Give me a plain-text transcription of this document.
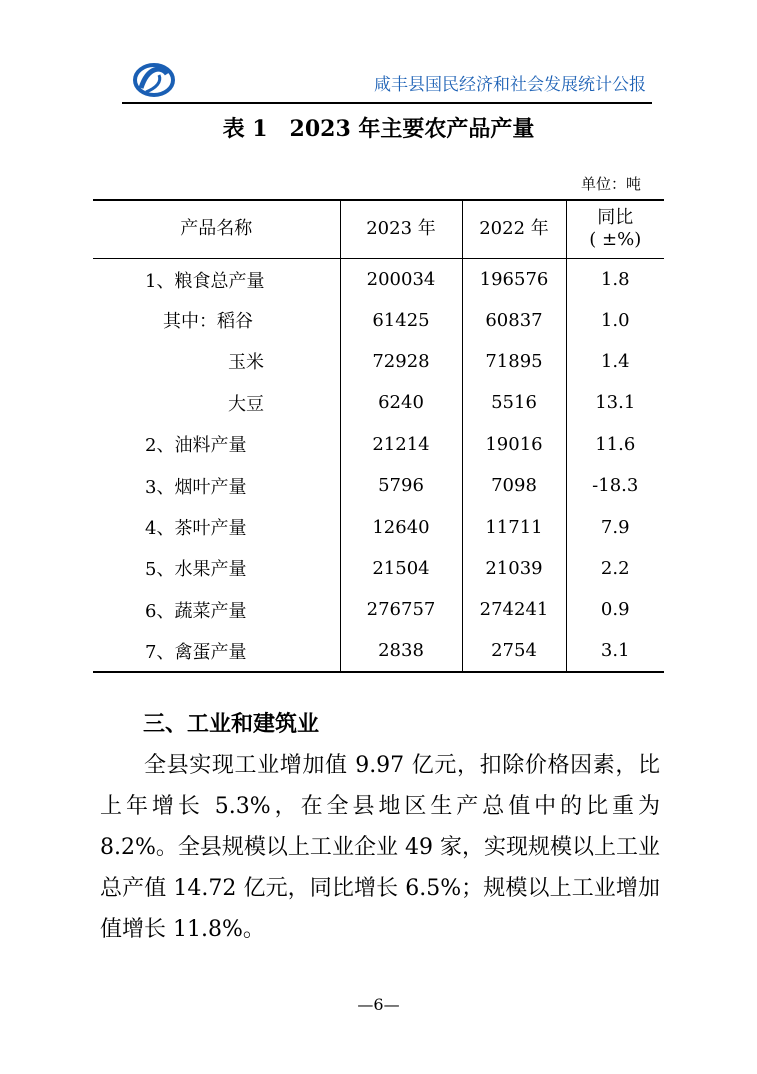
咸丰县国民经济和社会发展统计公报
表 1　2023 年主要农产品产量
单位：吨
产品名称	2023 年	2022 年	同比
( ±%)

1、粮食总产量	200034	196576	1.8
其中：稻谷	61425	60837	1.0
玉米	72928	71895	1.4
大豆	6240	5516	13.1
2、油料产量	21214	19016	11.6
3、烟叶产量	5796	7098	-18.3
4、茶叶产量	12640	11711	7.9
5、水果产量	21504	21039	2.2
6、蔬菜产量	276757	274241	0.9
7、禽蛋产量	2838	2754	3.1
三、工业和建筑业

全县实现工业增加值 9.97 亿元，扣除价格因素，比上年增长 5.3%，在全县地区生产总值中的比重为 8.2%。全县规模以上工业企业 49 家，实现规模以上工业总产值 14.72 亿元，同比增长 6.5%；规模以上工业增加值增长 11.8%。

—6—
